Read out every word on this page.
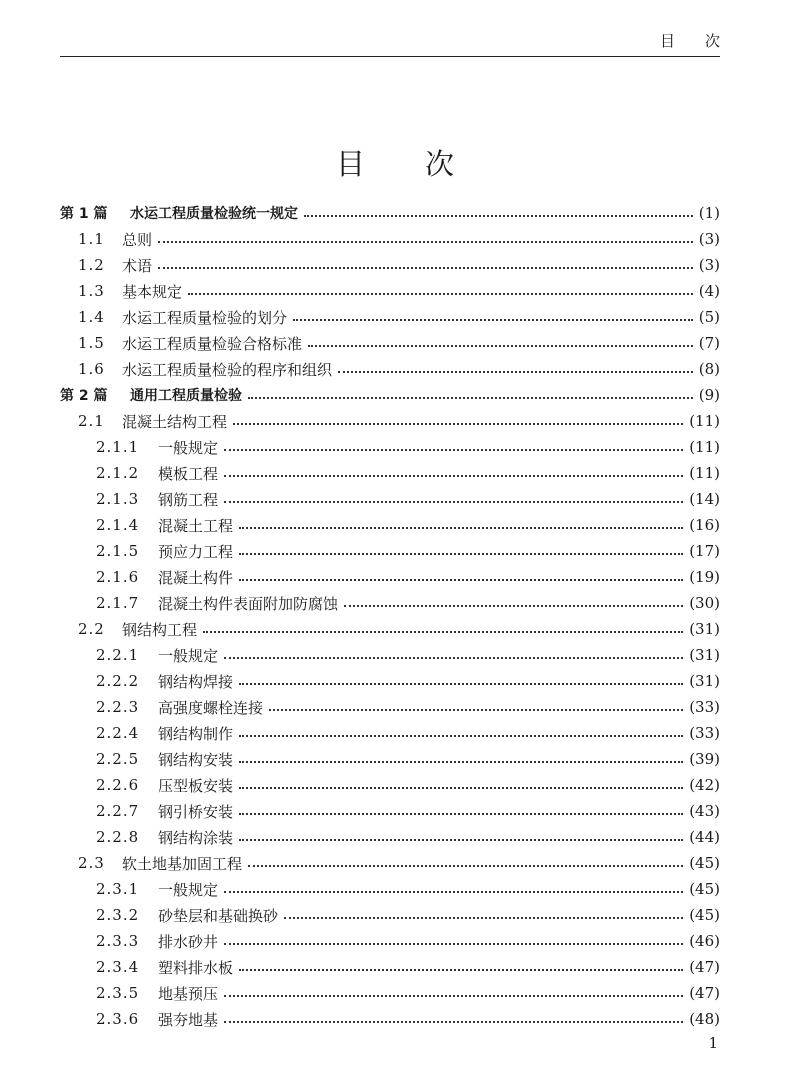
目 次
目 次
第 1 篇	水运工程质量检验统一规定	(1)
1.1	总则	(3)
1.2	术语	(3)
1.3	基本规定	(4)
1.4	水运工程质量检验的划分	(5)
1.5	水运工程质量检验合格标准	(7)
1.6	水运工程质量检验的程序和组织	(8)
第 2 篇	通用工程质量检验	(9)
2.1	混凝土结构工程	(11)
2.1.1	一般规定	(11)
2.1.2	模板工程	(11)
2.1.3	钢筋工程	(14)
2.1.4	混凝土工程	(16)
2.1.5	预应力工程	(17)
2.1.6	混凝土构件	(19)
2.1.7	混凝土构件表面附加防腐蚀	(30)
2.2	钢结构工程	(31)
2.2.1	一般规定	(31)
2.2.2	钢结构焊接	(31)
2.2.3	高强度螺栓连接	(33)
2.2.4	钢结构制作	(33)
2.2.5	钢结构安装	(39)
2.2.6	压型板安装	(42)
2.2.7	钢引桥安装	(43)
2.2.8	钢结构涂装	(44)
2.3	软土地基加固工程	(45)
2.3.1	一般规定	(45)
2.3.2	砂垫层和基础换砂	(45)
2.3.3	排水砂井	(46)
2.3.4	塑料排水板	(47)
2.3.5	地基预压	(47)
2.3.6	强夯地基	(48)
1
